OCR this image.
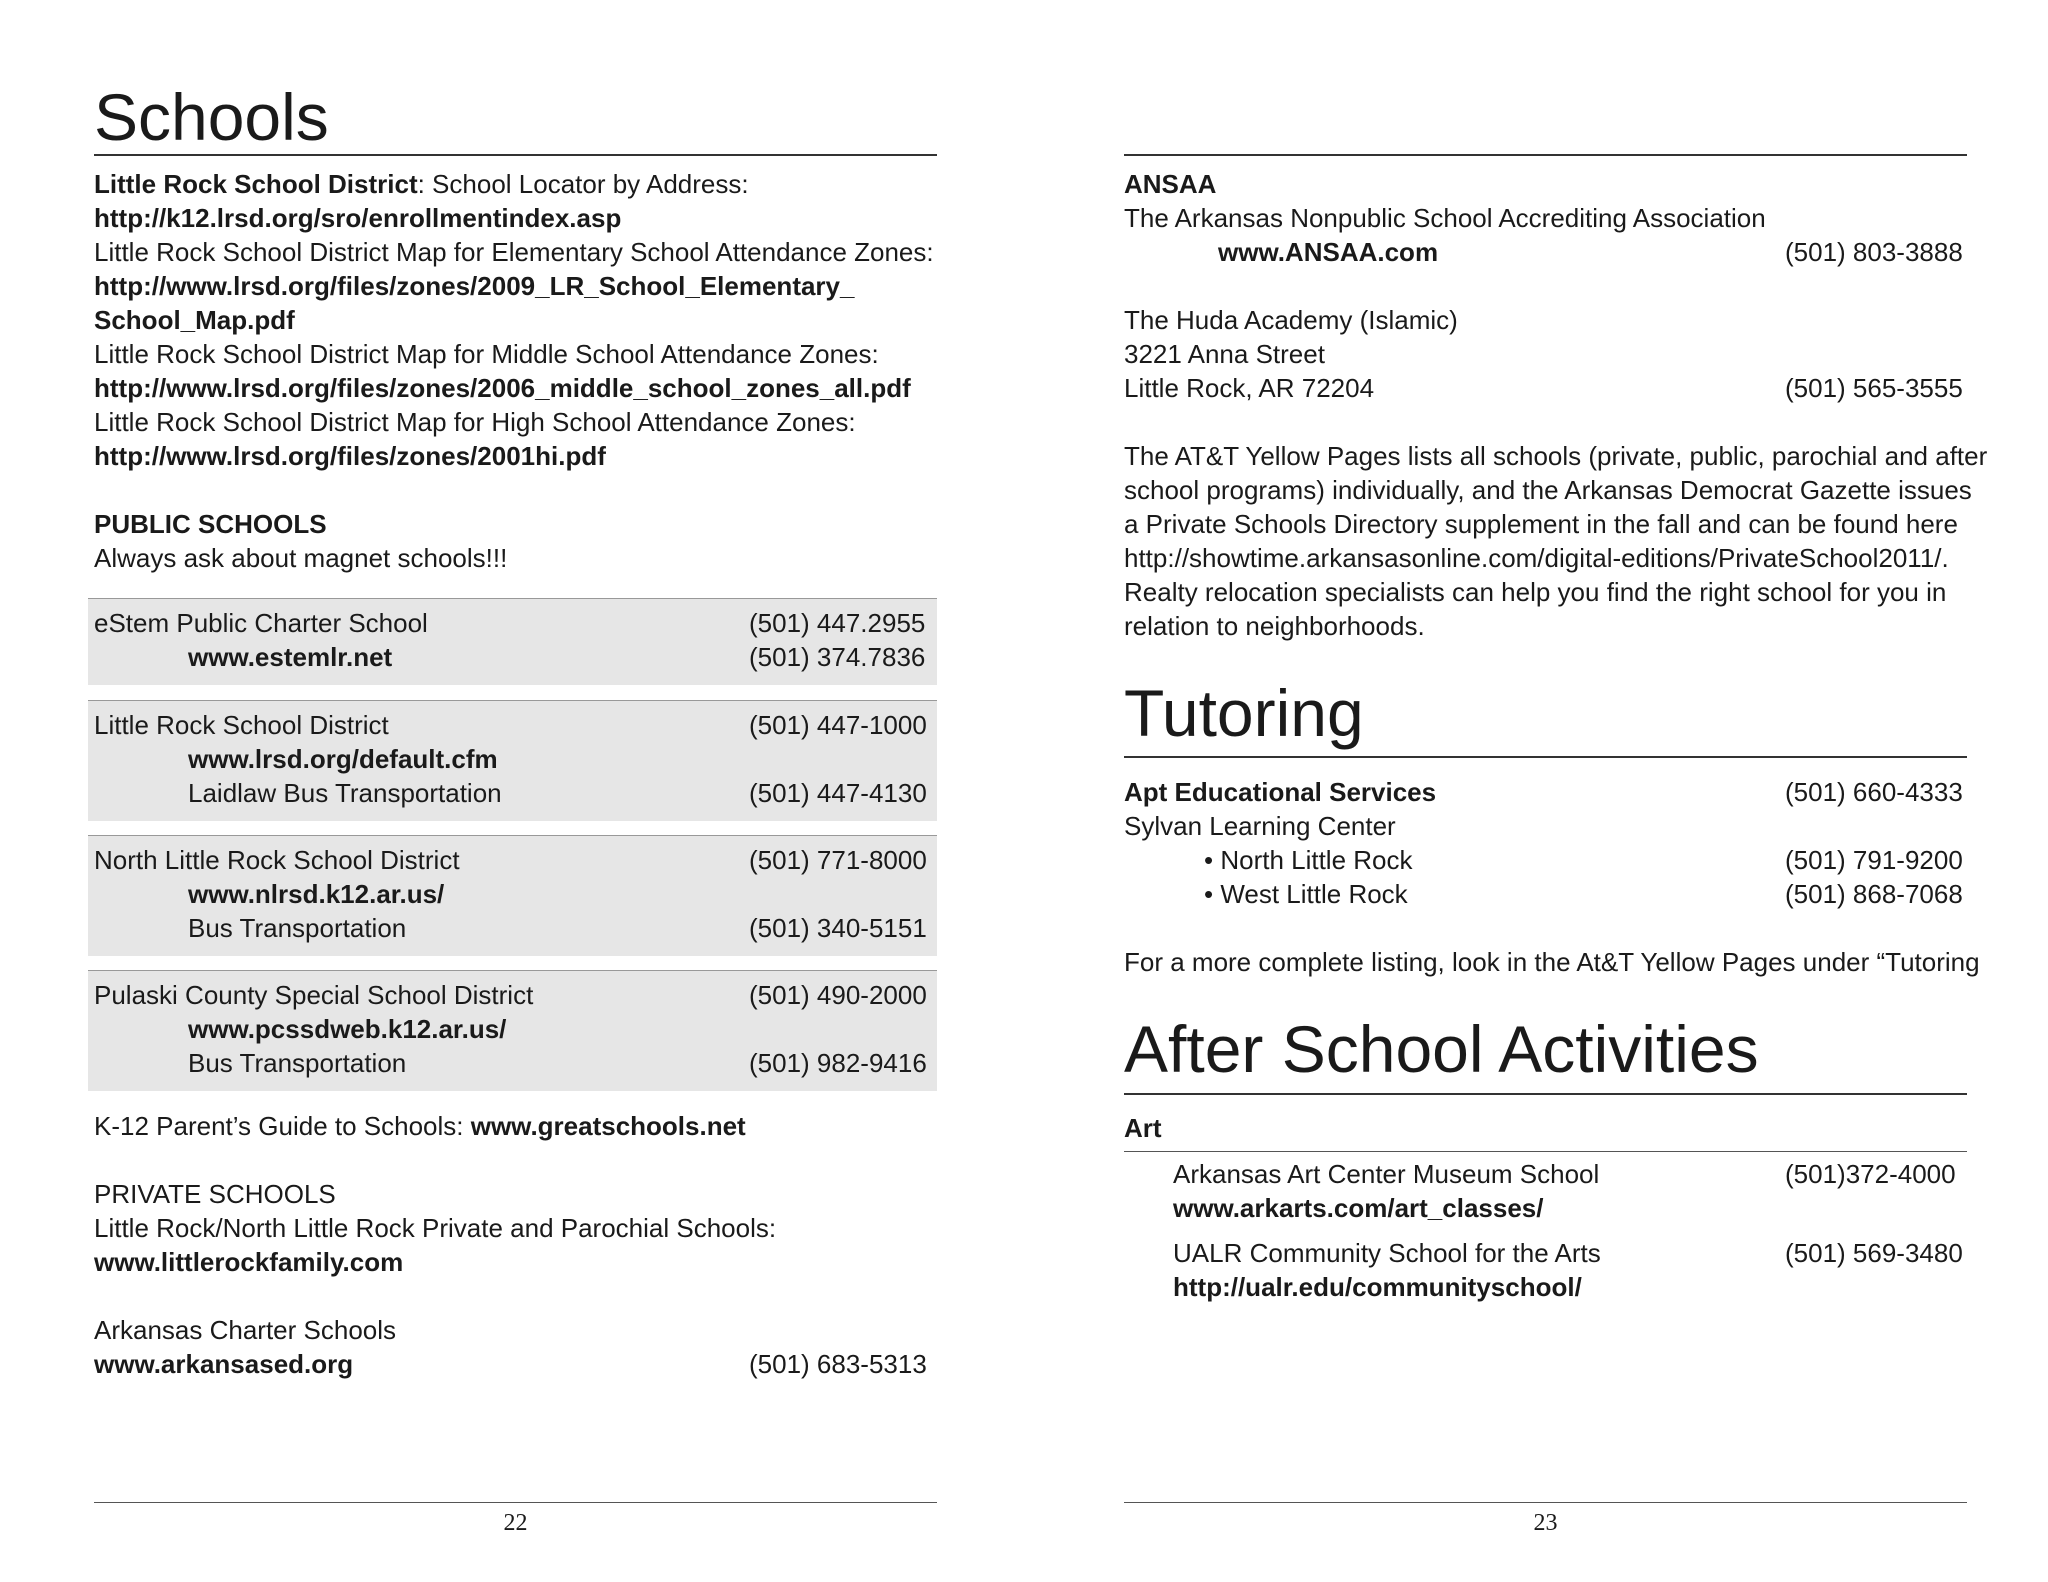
Schools
Little Rock School District: School Locator by Address:
http://k12.lrsd.org/sro/enrollmentindex.asp
Little Rock School District Map for Elementary School Attendance Zones:
http://www.lrsd.org/files/zones/2009_LR_School_Elementary_
School_Map.pdf
Little Rock School District Map for Middle School Attendance Zones:
http://www.lrsd.org/files/zones/2006_middle_school_zones_all.pdf
Little Rock School District Map for High School Attendance Zones:
http://www.lrsd.org/files/zones/2001hi.pdf
PUBLIC SCHOOLS
Always ask about magnet schools!!!
eStem Public Charter School	(501) 447.2955
www.estemlr.net	(501) 374.7836
Little Rock School District	(501) 447-1000
www.lrsd.org/default.cfm
Laidlaw Bus Transportation	(501) 447-4130
North Little Rock School District	(501) 771-8000
www.nlrsd.k12.ar.us/
Bus Transportation	(501) 340-5151
Pulaski County Special School District	(501) 490-2000
www.pcssdweb.k12.ar.us/
Bus Transportation	(501) 982-9416
K-12 Parent’s Guide to Schools: www.greatschools.net
PRIVATE SCHOOLS
Little Rock/North Little Rock Private and Parochial Schools:
www.littlerockfamily.com
Arkansas Charter Schools
www.arkansased.org	(501) 683-5313
22
ANSAA
The Arkansas Nonpublic School Accrediting Association
www.ANSAA.com	(501) 803-3888
The Huda Academy (Islamic)
3221 Anna Street
Little Rock, AR 72204	(501) 565-3555
The AT&T Yellow Pages lists all schools (private, public, parochial and after
school programs) individually, and the Arkansas Democrat Gazette issues
a Private Schools Directory supplement in the fall and can be found here
http://showtime.arkansasonline.com/digital-editions/PrivateSchool2011/.
Realty relocation specialists can help you find the right school for you in
relation to neighborhoods.
Tutoring
Apt Educational Services	(501) 660-4333
Sylvan Learning Center
• North Little Rock	(501) 791-9200
• West Little Rock	(501) 868-7068
For a more complete listing, look in the At&T Yellow Pages under “Tutoring
After School Activities
Art
Arkansas Art Center Museum School	(501)372-4000
www.arkarts.com/art_classes/
UALR Community School for the Arts	(501) 569-3480
http://ualr.edu/communityschool/
23
